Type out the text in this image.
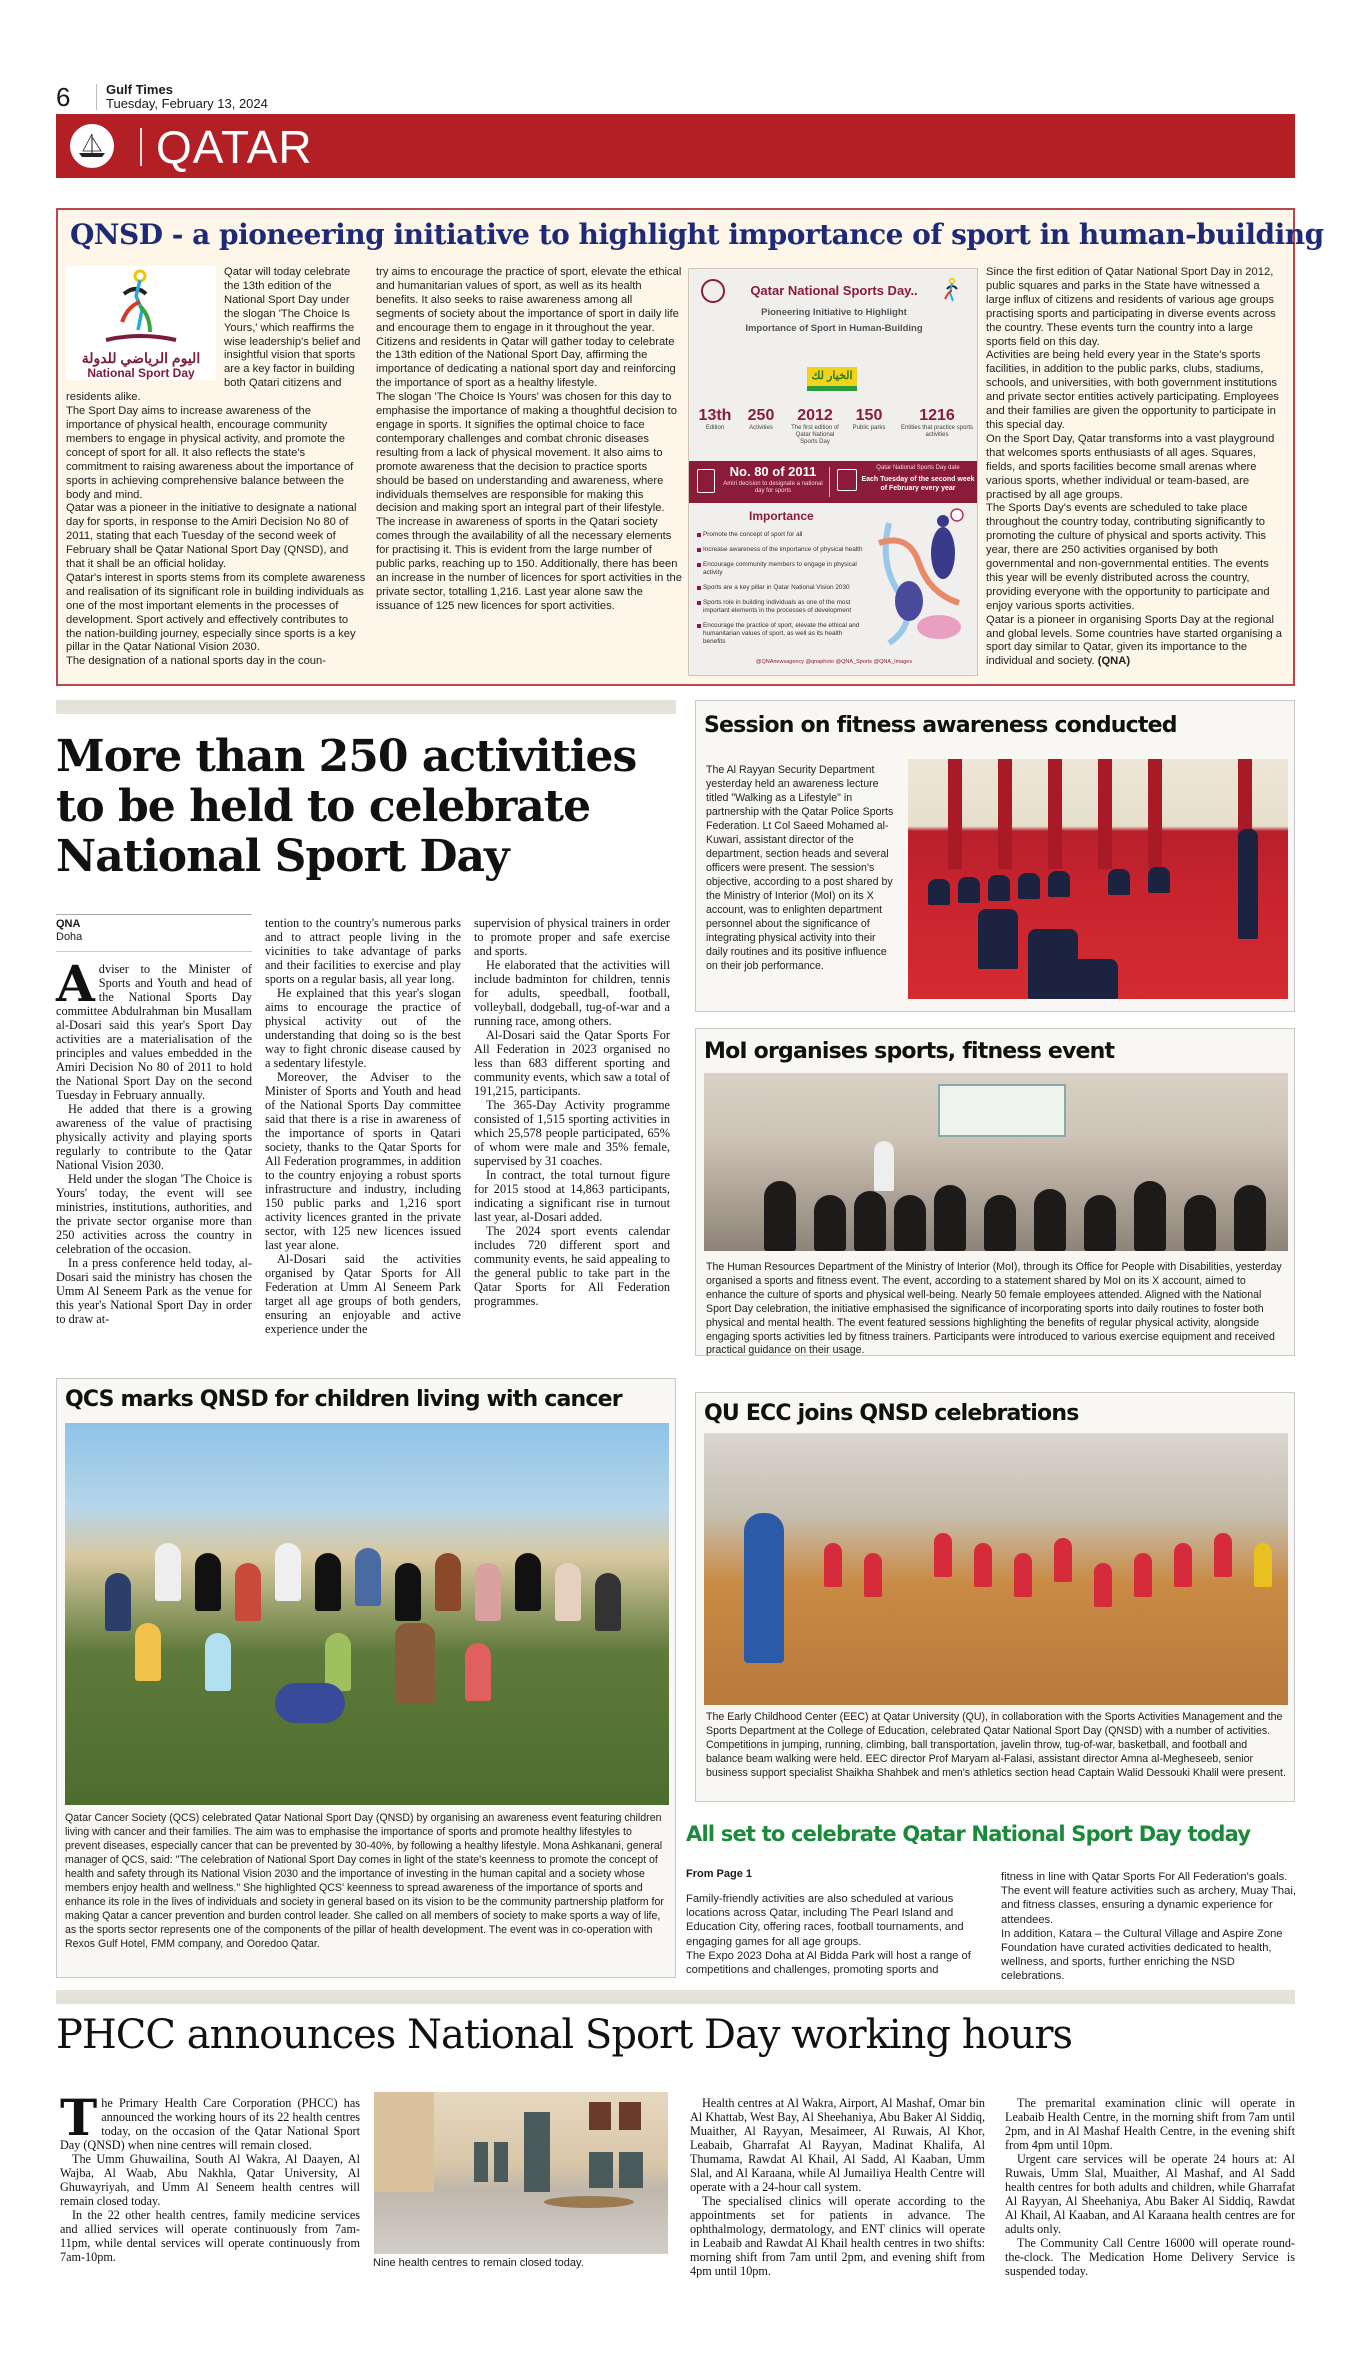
6	Gulf Times
Tuesday, February 13, 2024
QATAR
QNSD - a pioneering initiative to highlight importance of sport in human-building
اليوم الرياضي للدولة
National Sport Day

Qatar will today celebrate the 13th edition of the National Sport Day under the slogan 'The Choice Is Yours,' which reaffirms the wise leadership's belief and insightful vision that sports are a key factor in building both Qatari citizens and residents alike.

The Sport Day aims to increase awareness of the importance of physical health, encourage community members to engage in physical activity, and promote the concept of sport for all. It also reflects the state's commitment to raising awareness about the importance of sports in achieving comprehensive balance between the body and mind.

Qatar was a pioneer in the initiative to designate a national day for sports, in response to the Amiri Decision No 80 of 2011, stating that each Tuesday of the second week of February shall be Qatar National Sport Day (QNSD), and that it shall be an official holiday.

Qatar's interest in sports stems from its complete awareness and realisation of its significant role in building individuals as one of the most important elements in the processes of development. Sport actively and effectively contributes to the nation-building journey, especially since sports is a key pillar in the Qatar National Vision 2030.

The designation of a national sports day in the coun-

try aims to encourage the practice of sport, elevate the ethical and humanitarian values of sport, as well as its health benefits. It also seeks to raise awareness among all segments of society about the importance of sport in daily life and encourage them to engage in it throughout the year.

Citizens and residents in Qatar will gather today to celebrate the 13th edition of the National Sport Day, affirming the importance of dedicating a national sport day and reinforcing the importance of sport as a healthy lifestyle.

The slogan 'The Choice Is Yours' was chosen for this day to emphasise the importance of making a thoughtful decision to engage in sports. It signifies the optimal choice to face contemporary challenges and combat chronic diseases resulting from a lack of physical movement. It also aims to promote awareness that the decision to practice sports should be based on understanding and awareness, where individuals themselves are responsible for making this decision and making sport an integral part of their lifestyle.

The increase in awareness of sports in the Qatari society comes through the availability of all the necessary elements for practising it. This is evident from the large number of public parks, reaching up to 150. Additionally, there has been an increase in the number of licences for sport activities in the private sector, totalling 1,216. Last year alone saw the issuance of 125 new licences for sport activities.

Qatar National Sports Day..
Pioneering Initiative to Highlight
Importance of Sport in Human-Building
الخيار لك
13th
Edition
250
Activities
2012
The first edition of Qatar National Sports Day
150
Public parks
1216
Entities that practice sports activities
No. 80 of 2011
Amiri decision to designate a national day for sports
Qatar National Sports Day date
Each Tuesday of the second week of February every year
Importance
Promote the concept of sport for all
Increase awareness of the importance of physical health
Encourage community members to engage in physical activity
Sports are a key pillar in Qatar National Vision 2030
Sports role in building individuals as one of the most important elements in the processes of development
Encourage the practice of sport, elevate the ethical and humanitarian values of sport, as well as its health benefits
@QNAnewsagency @qnaphoto @QNA_Sports @QNA_Images

Since the first edition of Qatar National Sport Day in 2012, public squares and parks in the State have witnessed a large influx of citizens and residents of various age groups practising sports and participating in diverse events across the country. These events turn the country into a large sports field on this day.

Activities are being held every year in the State's sports facilities, in addition to the public parks, clubs, stadiums, schools, and universities, with both government institutions and private sector entities actively participating. Employees and their families are given the opportunity to participate in this special day.

On the Sport Day, Qatar transforms into a vast playground that welcomes sports enthusiasts of all ages. Squares, fields, and sports facilities become small arenas where various sports, whether individual or team-based, are practised by all age groups.

The Sports Day's events are scheduled to take place throughout the country today, contributing significantly to promoting the culture of physical and sports activity. This year, there are 250 activities organised by both governmental and non-governmental entities. The events this year will be evenly distributed across the country, providing everyone with the opportunity to participate and enjoy various sports activities.

Qatar is a pioneer in organising Sports Day at the regional and global levels. Some countries have started organising a sport day similar to Qatar, given its importance to the individual and society. (QNA)

More than 250 activities to be held to celebrate National Sport Day
QNA
Doha

Adviser to the Minister of Sports and Youth and head of the National Sports Day committee Abdulrahman bin Musallam al-Dosari said this year's Sport Day activities are a materialisation of the principles and values embedded in the Amiri Decision No 80 of 2011 to hold the National Sport Day on the second Tuesday in February annually.

He added that there is a growing awareness of the value of practising physically activity and playing sports regularly to contribute to the Qatar National Vision 2030.

Held under the slogan 'The Choice is Yours' today, the event will see ministries, institutions, authorities, and the private sector organise more than 250 activities across the country in celebration of the occasion.

In a press conference held today, al-Dosari said the ministry has chosen the Umm Al Seneem Park as the venue for this year's National Sport Day in order to draw at-

tention to the country's numerous parks and to attract people living in the vicinities to take advantage of parks and their facilities to exercise and play sports on a regular basis, all year long.

He explained that this year's slogan aims to encourage the practice of physical activity out of the understanding that doing so is the best way to fight chronic disease caused by a sedentary lifestyle.

Moreover, the Adviser to the Minister of Sports and Youth and head of the National Sports Day committee said that there is a rise in awareness of the importance of sports in Qatari society, thanks to the Qatar Sports for All Federation programmes, in addition to the country enjoying a robust sports infrastructure and industry, including 150 public parks and 1,216 sport activity licences granted in the private sector, with 125 new licences issued last year alone.

Al-Dosari said the activities organised by Qatar Sports for All Federation at Umm Al Seneem Park target all age groups of both genders, ensuring an enjoyable and active experience under the

supervision of physical trainers in order to promote proper and safe exercise and sports.

He elaborated that the activities will include badminton for children, tennis for adults, speedball, football, volleyball, dodgeball, tug-of-war and a running race, among others.

Al-Dosari said the Qatar Sports For All Federation in 2023 organised no less than 683 different sporting and community events, which saw a total of 191,215, participants.

The 365-Day Activity programme consisted of 1,515 sporting activities in which 25,578 people participated, 65% of whom were male and 35% female, supervised by 31 coaches.

In contract, the total turnout figure for 2015 stood at 14,863 participants, indicating a significant rise in turnout last year, al-Dosari added.

The 2024 sport events calendar includes 720 different sport and community events, he said appealing to the general public to take part in the Qatar Sports for All Federation programmes.

Session on fitness awareness conducted
The Al Rayyan Security Department yesterday held an awareness lecture titled "Walking as a Lifestyle" in partnership with the Qatar Police Sports Federation. Lt Col Saeed Mohamed al-Kuwari, assistant director of the department, section heads and several officers were present. The session's objective, according to a post shared by the Ministry of Interior (MoI) on its X account, was to enlighten department personnel about the significance of integrating physical activity into their daily routines and its positive influence on their job performance.
MoI organises sports, fitness event
The Human Resources Department of the Ministry of Interior (MoI), through its Office for People with Disabilities, yesterday organised a sports and fitness event. The event, according to a statement shared by MoI on its X account, aimed to enhance the culture of sports and physical well-being. Nearly 50 female employees attended. Aligned with the National Sport Day celebration, the initiative emphasised the significance of incorporating sports into daily routines to foster both physical and mental health. The event featured sessions highlighting the benefits of regular physical activity, alongside engaging sports activities led by fitness trainers. Participants were introduced to various exercise equipment and received practical guidance on their usage.
QCS marks QNSD for children living with cancer
Qatar Cancer Society (QCS) celebrated Qatar National Sport Day (QNSD) by organising an awareness event featuring children living with cancer and their families. The aim was to emphasise the importance of sports and promote healthy lifestyles to prevent diseases, especially cancer that can be prevented by 30-40%, by following a healthy lifestyle. Mona Ashkanani, general manager of QCS, said: "The celebration of National Sport Day comes in light of the state's keenness to promote the concept of health and safety through its National Vision 2030 and the importance of investing in the human capital and a society whose members enjoy health and wellness." She highlighted QCS' keenness to spread awareness of the importance of sports and enhance its role in the lives of individuals and society in general based on its vision to be the community partnership platform for making Qatar a cancer prevention and burden control leader. She called on all members of society to make sports a way of life, as the sports sector represents one of the components of the pillar of health development. The event was in co-operation with Rexos Gulf Hotel, FMM company, and Ooredoo Qatar.
QU ECC joins QNSD celebrations
The Early Childhood Center (EEC) at Qatar University (QU), in collaboration with the Sports Activities Management and the Sports Department at the College of Education, celebrated Qatar National Sport Day (QNSD) with a number of activities. Competitions in jumping, running, climbing, ball transportation, javelin throw, tug-of-war, basketball, and football and balance beam walking were held. EEC director Prof Maryam al-Falasi, assistant director Amna al-Megheseeb, senior business support specialist Shaikha Shahbek and men's athletics section head Captain Walid Dessouki Khalil were present.
All set to celebrate Qatar National Sport Day today
From Page 1

Family-friendly activities are also scheduled at various locations across Qatar, including The Pearl Island and Education City, offering races, football tournaments, and engaging games for all age groups.

The Expo 2023 Doha at Al Bidda Park will host a range of competitions and challenges, promoting sports and

fitness in line with Qatar Sports For All Federation's goals. The event will feature activities such as archery, Muay Thai, and fitness classes, ensuring a dynamic experience for attendees.

In addition, Katara – the Cultural Village and Aspire Zone Foundation have curated activities dedicated to health, wellness, and sports, further enriching the NSD celebrations.

PHCC announces National Sport Day working hours

The Primary Health Care Corporation (PHCC) has announced the working hours of its 22 health centres today, on the occasion of the Qatar National Sport Day (QNSD) when nine centres will remain closed.

The Umm Ghuwailina, South Al Wakra, Al Daayen, Al Wajba, Al Waab, Abu Nakhla, Qatar University, Al Ghuwayriyah, and Umm Al Seneem health centres will remain closed today.

In the 22 other health centres, family medicine services and allied services will operate continuously from 7am-11pm, while dental services will operate continuously from 7am-10pm.	Nine health centres to remain closed today.

Health centres at Al Wakra, Airport, Al Mashaf, Omar bin Al Khattab, West Bay, Al Sheehaniya, Abu Baker Al Siddiq, Muaither, Al Rayyan, Mesaimeer, Al Ruwais, Al Khor, Leabaib, Gharrafat Al Rayyan, Madinat Khalifa, Al Thumama, Rawdat Al Khail, Al Sadd, Al Kaaban, Umm Slal, and Al Karaana, while Al Jumailiya Health Centre will operate with a 24-hour call system.

The specialised clinics will operate according to the appointments set for patients in advance. The ophthalmology, dermatology, and ENT clinics will operate in Leabaib and Rawdat Al Khail health centres in two shifts: morning shift from 7am until 2pm, and evening shift from 4pm until 10pm.

The premarital examination clinic will operate in Leabaib Health Centre, in the morning shift from 7am until 2pm, and in Al Mashaf Health Centre, in the evening shift from 4pm until 10pm.

Urgent care services will be operate 24 hours at: Al Ruwais, Umm Slal, Muaither, Al Mashaf, and Al Sadd health centres for both adults and children, while Gharrafat Al Rayyan, Al Sheehaniya, Abu Baker Al Siddiq, Rawdat Al Khail, Al Kaaban, and Al Karaana health centres are for adults only.

The Community Call Centre 16000 will operate round-the-clock. The Medication Home Delivery Service is suspended today.
